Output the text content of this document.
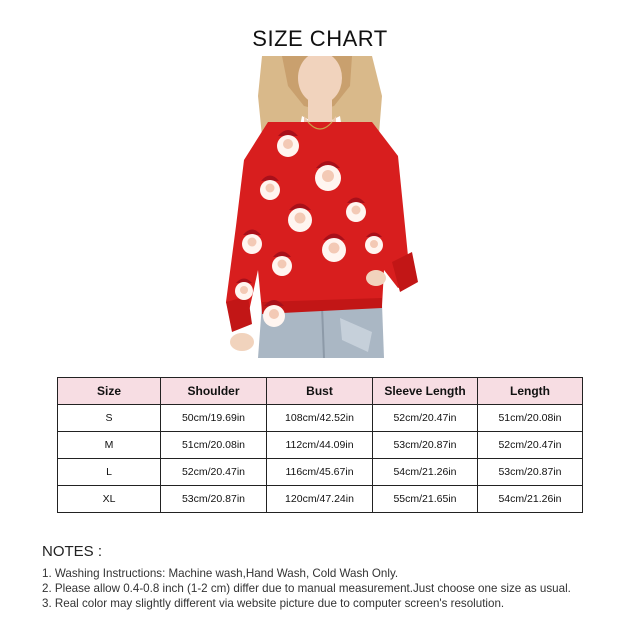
SIZE CHART
Size	Shoulder	Bust	Sleeve Length	Length
S	50cm/19.69in	108cm/42.52in	52cm/20.47in	51cm/20.08in
M	51cm/20.08in	112cm/44.09in	53cm/20.87in	52cm/20.47in
L	52cm/20.47in	116cm/45.67in	54cm/21.26in	53cm/20.87in
XL	53cm/20.87in	120cm/47.24in	55cm/21.65in	54cm/21.26in
NOTES :
1. Washing Instructions: Machine wash,Hand Wash, Cold Wash Only.
2. Please allow 0.4-0.8 inch (1-2 cm) differ due to manual measurement.Just choose one size as usual.
3. Real color may slightly different via website picture due to computer screen's resolution.
